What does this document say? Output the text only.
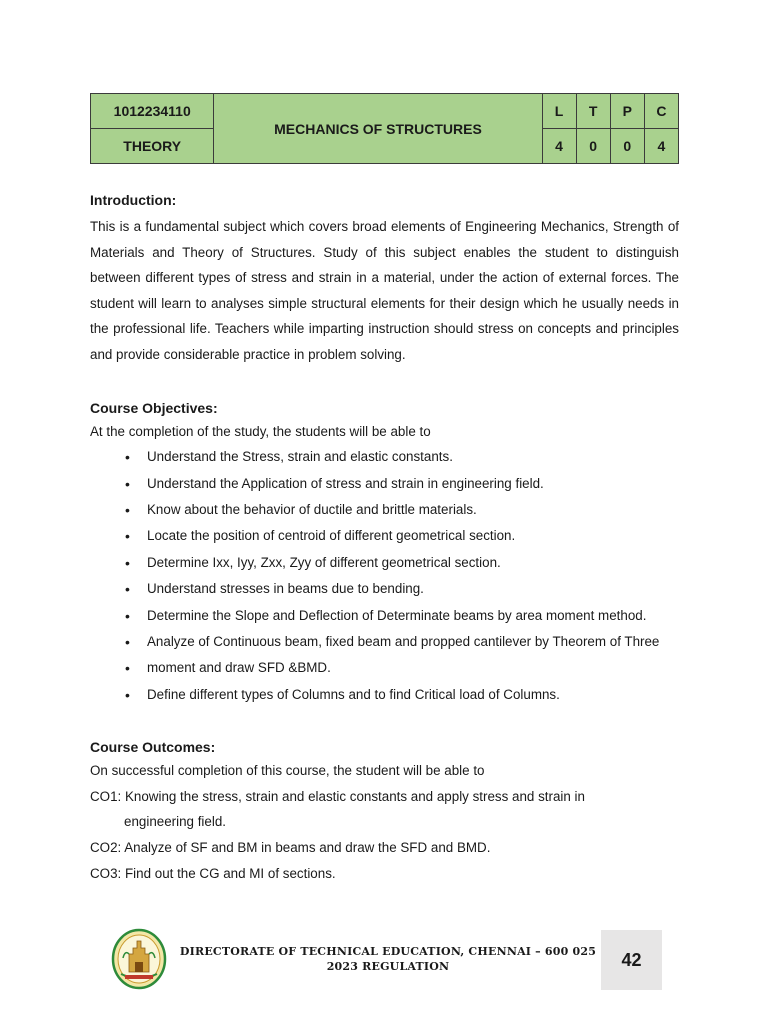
1012234110	MECHANICS OF STRUCTURES	L	T	P	C
THEORY		4	0	0	4
Introduction:

This is a fundamental subject which covers broad elements of Engineering Mechanics, Strength of Materials and Theory of Structures. Study of this subject enables the student to distinguish between different types of stress and strain in a material, under the action of external forces. The student will learn to analyses simple structural elements for their design which he usually needs in the professional life. Teachers while imparting instruction should stress on concepts and principles and provide considerable practice in problem solving.

Course Objectives:

At the completion of the study, the students will be able to

• Understand the Stress, strain and elastic constants.
• Understand the Application of stress and strain in engineering field.
• Know about the behavior of ductile and brittle materials.
• Locate the position of centroid of different geometrical section.
• Determine Ixx, Iyy, Zxx, Zyy of different geometrical section.
• Understand stresses in beams due to bending.
• Determine the Slope and Deflection of Determinate beams by area moment method.
• Analyze of Continuous beam, fixed beam and propped cantilever by Theorem of Three
• moment and draw SFD &BMD.
• Define different types of Columns and to find Critical load of Columns.
Course Outcomes:

On successful completion of this course, the student will be able to

CO1: Knowing the stress, strain and elastic constants and apply stress and strain in

engineering field.

CO2: Analyze of SF and BM in beams and draw the SFD and BMD.

CO3: Find out the CG and MI of sections.

DIRECTORATE OF TECHNICAL EDUCATION, CHENNAI – 600 025
2023 REGULATION	42
